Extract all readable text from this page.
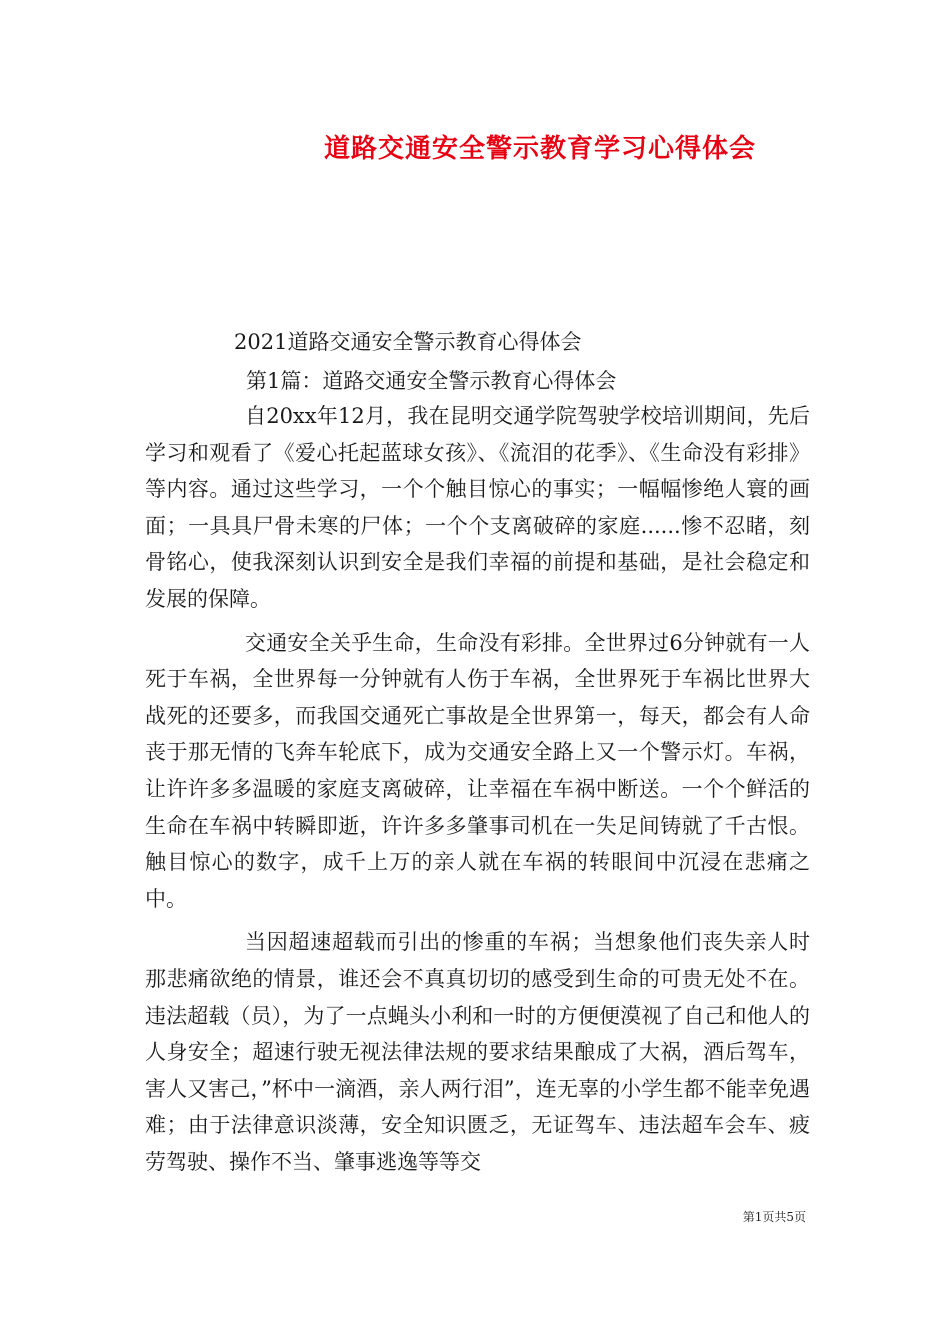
道路交通安全警示教育学习心得体会

2021道路交通安全警示教育心得体会

第1篇：道路交通安全警示教育心得体会

自20xx年12月，我在昆明交通学院驾驶学校培训期间，先后学习和观看了《爱心托起蓝球女孩》、《流泪的花季》、《生命没有彩排》等内容。通过这些学习，一个个触目惊心的事实；一幅幅惨绝人寰的画面；一具具尸骨未寒的尸体；一个个支离破碎的家庭......惨不忍睹，刻骨铭心，使我深刻认识到安全是我们幸福的前提和基础，是社会稳定和发展的保障。

交通安全关乎生命，生命没有彩排。全世界过6分钟就有一人死于车祸，全世界每一分钟就有人伤于车祸，全世界死于车祸比世界大战死的还要多，而我国交通死亡事故是全世界第一，每天，都会有人命丧于那无情的飞奔车轮底下，成为交通安全路上又一个警示灯。车祸，让许许多多温暖的家庭支离破碎，让幸福在车祸中断送。一个个鲜活的生命在车祸中转瞬即逝，许许多多肇事司机在一失足间铸就了千古恨。触目惊心的数字，成千上万的亲人就在车祸的转眼间中沉浸在悲痛之中。

当因超速超载而引出的惨重的车祸；当想象他们丧失亲人时那悲痛欲绝的情景，谁还会不真真切切的感受到生命的可贵无处不在。违法超载（员），为了一点蝇头小利和一时的方便便漠视了自己和他人的人身安全；超速行驶无视法律法规的要求结果酿成了大祸，酒后驾车，害人又害己，”杯中一滴酒，亲人两行泪”，连无辜的小学生都不能幸免遇难；由于法律意识淡薄，安全知识匮乏，无证驾车、违法超车会车、疲劳驾驶、操作不当、肇事逃逸等等交

第1页共5页
